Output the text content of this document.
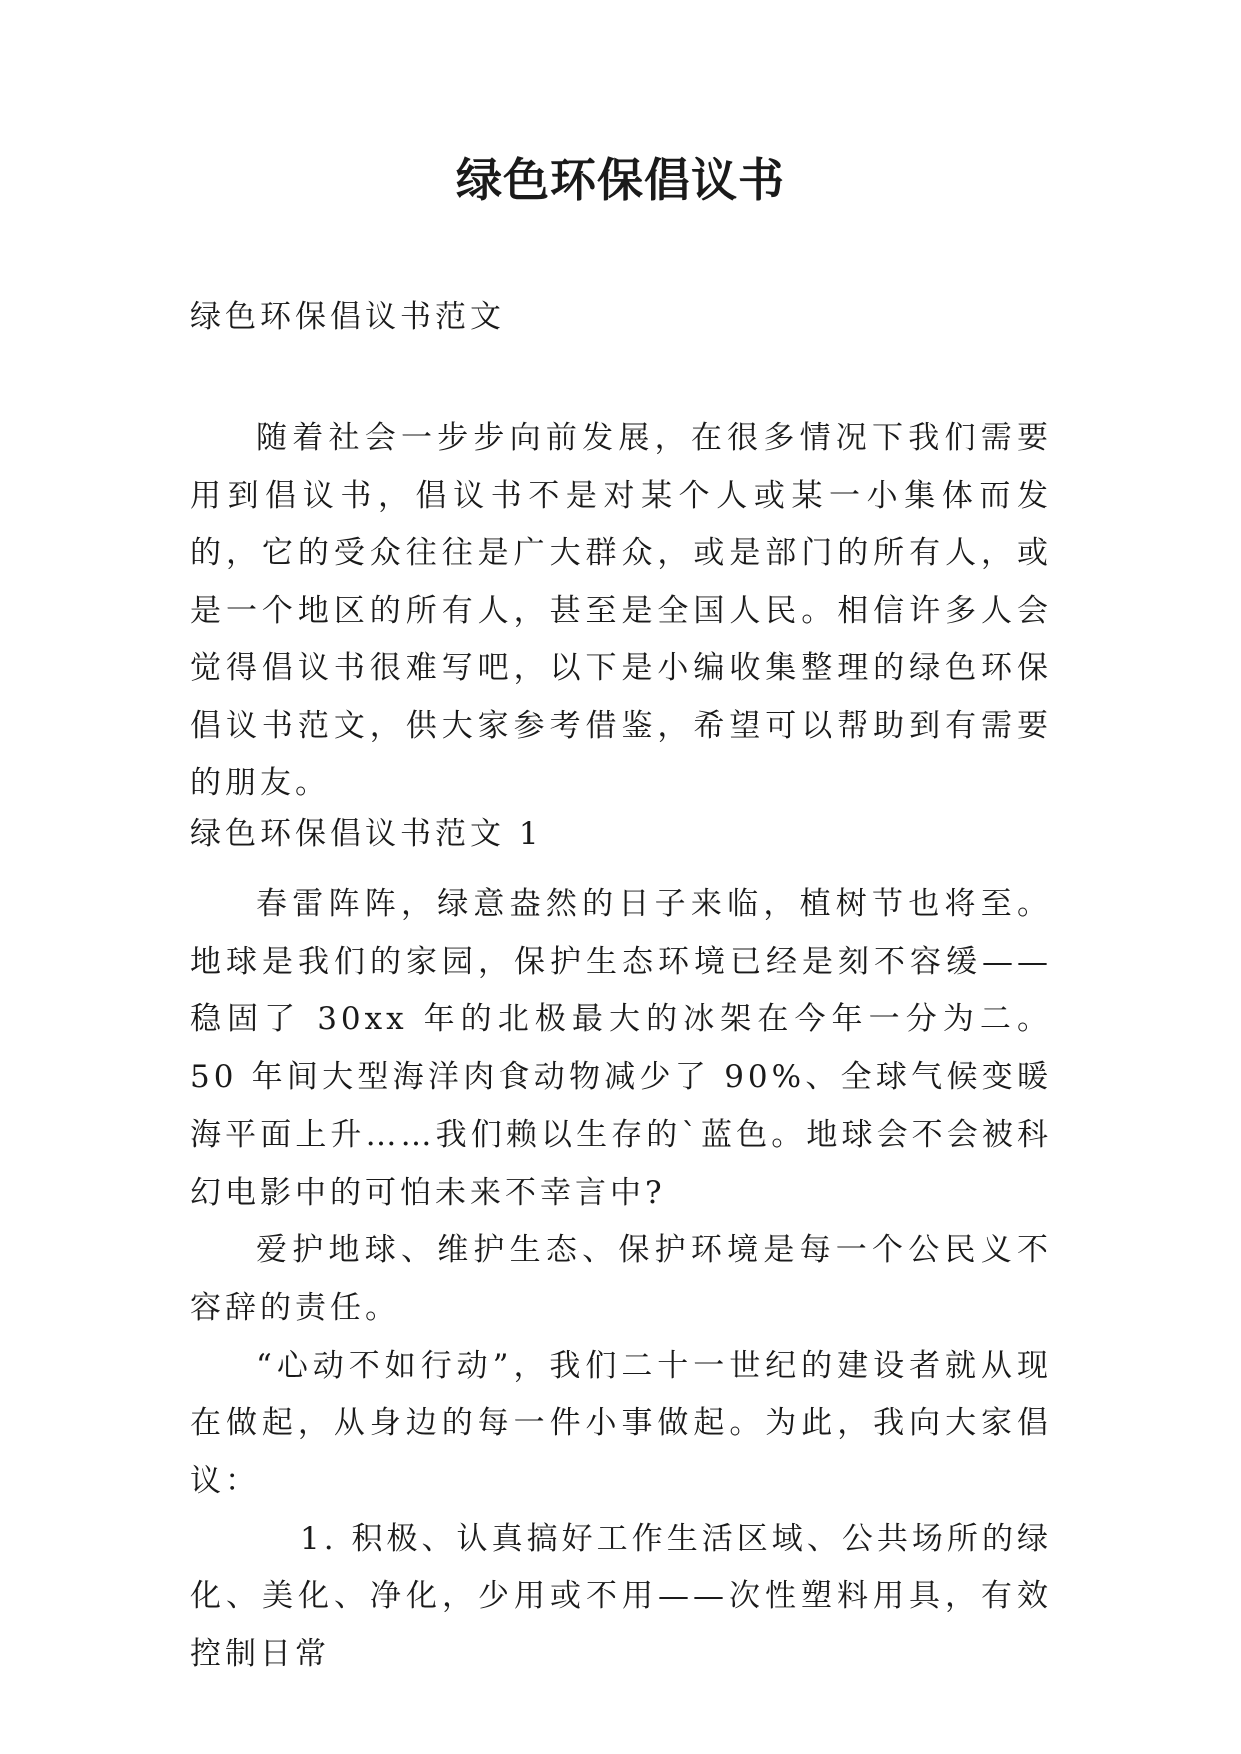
绿色环保倡议书
绿色环保倡议书范文

随着社会一步步向前发展，在很多情况下我们需要用到倡议书，倡议书不是对某个人或某一小集体而发的，它的受众往往是广大群众，或是部门的所有人，或是一个地区的所有人，甚至是全国人民。相信许多人会觉得倡议书很难写吧，以下是小编收集整理的绿色环保倡议书范文，供大家参考借鉴，希望可以帮助到有需要的朋友。

绿色环保倡议书范文 1

春雷阵阵，绿意盎然的日子来临，植树节也将至。地球是我们的家园，保护生态环境已经是刻不容缓——稳固了 30xx 年的北极最大的冰架在今年一分为二。50 年间大型海洋肉食动物减少了 90%、全球气候变暖海平面上升……我们赖以生存的`蓝色。地球会不会被科幻电影中的可怕未来不幸言中?

爱护地球、维护生态、保护环境是每一个公民义不容辞的责任。

“心动不如行动”，我们二十一世纪的建设者就从现在做起，从身边的每一件小事做起。为此，我向大家倡议：

1. 积极、认真搞好工作生活区域、公共场所的绿化、美化、净化，少用或不用——次性塑料用具，有效控制日常
